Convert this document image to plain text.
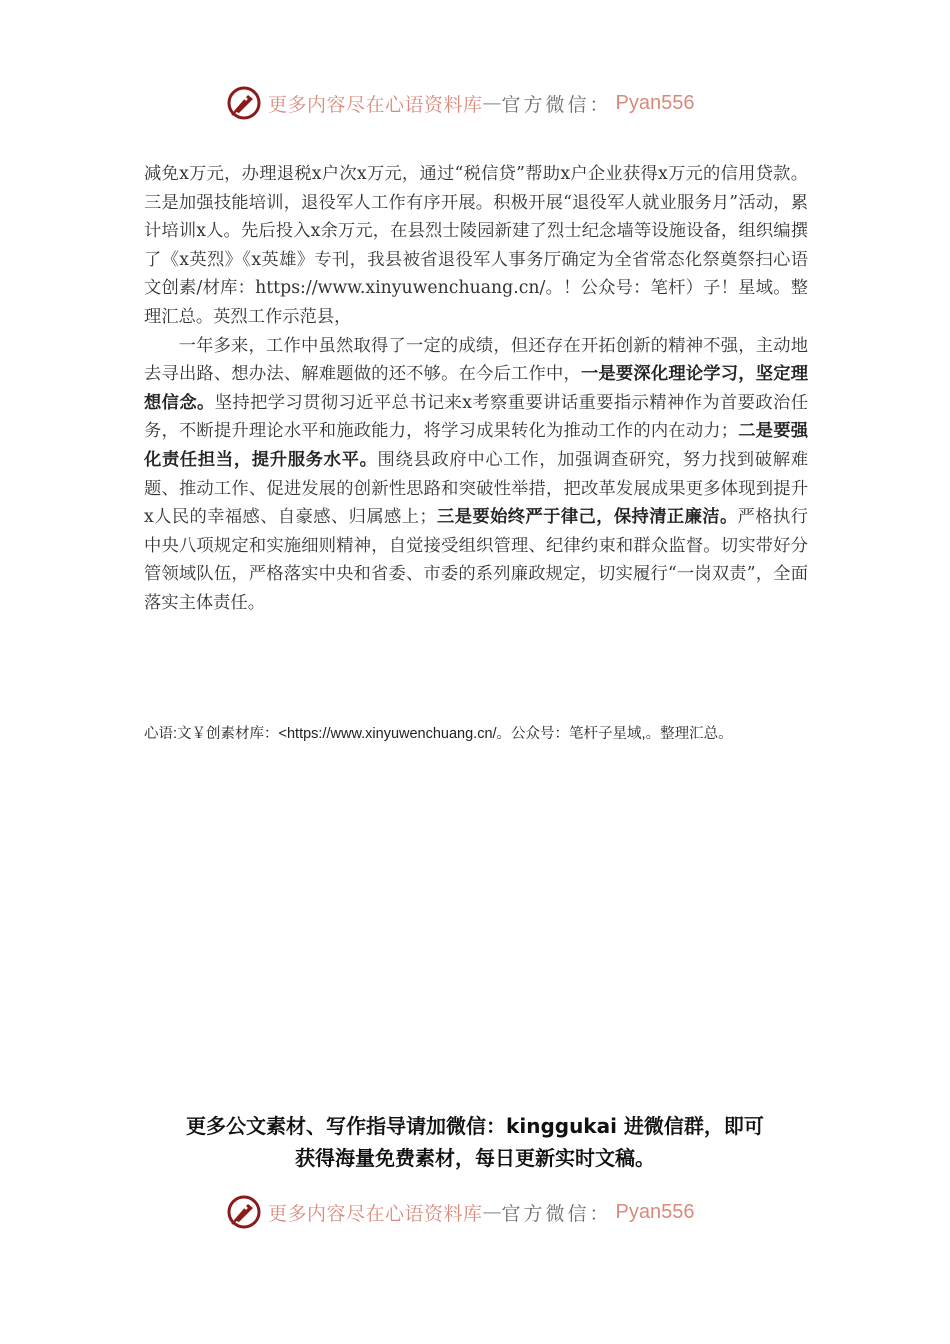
更多内容尽在心语资料库 — 官方微信： Pyan556

减免x万元，办理退税x户次x万元，通过“税信贷”帮助x户企业获得x万元的信用贷款。三是加强技能培训，退役军人工作有序开展。积极开展“退役军人就业服务月”活动，累计培训x人。先后投入x余万元，在县烈士陵园新建了烈士纪念墙等设施设备，组织编撰了《x英烈》《x英雄》专刊，我县被省退役军人事务厅确定为全省常态化祭奠祭扫心语文创素/材库：https://www.xinyuwenchuang.cn/。！公众号：笔杆）子！星域。整理汇总。英烈工作示范县，

一年多来，工作中虽然取得了一定的成绩，但还存在开拓创新的精神不强，主动地去寻出路、想办法、解难题做的还不够。在今后工作中，一是要深化理论学习，坚定理想信念。坚持把学习贯彻习近平总书记来x考察重要讲话重要指示精神作为首要政治任务，不断提升理论水平和施政能力，将学习成果转化为推动工作的内在动力；二是要强化责任担当，提升服务水平。围绕县政府中心工作，加强调查研究，努力找到破解难题、推动工作、促进发展的创新性思路和突破性举措，把改革发展成果更多体现到提升x人民的幸福感、自豪感、归属感上；三是要始终严于律己，保持清正廉洁。严格执行中央八项规定和实施细则精神，自觉接受组织管理、纪律约束和群众监督。切实带好分管领域队伍，严格落实中央和省委、市委的系列廉政规定，切实履行“一岗双责”，全面落实主体责任。

心语:文￥创素材库：<https://www.xinyuwenchuang.cn/。公众号：笔杆子星域,。整理汇总。
更多公文素材、写作指导请加微信：kinggukai 进微信群，即可
获得海量免费素材，每日更新实时文稿。
更多内容尽在心语资料库 — 官方微信： Pyan556
